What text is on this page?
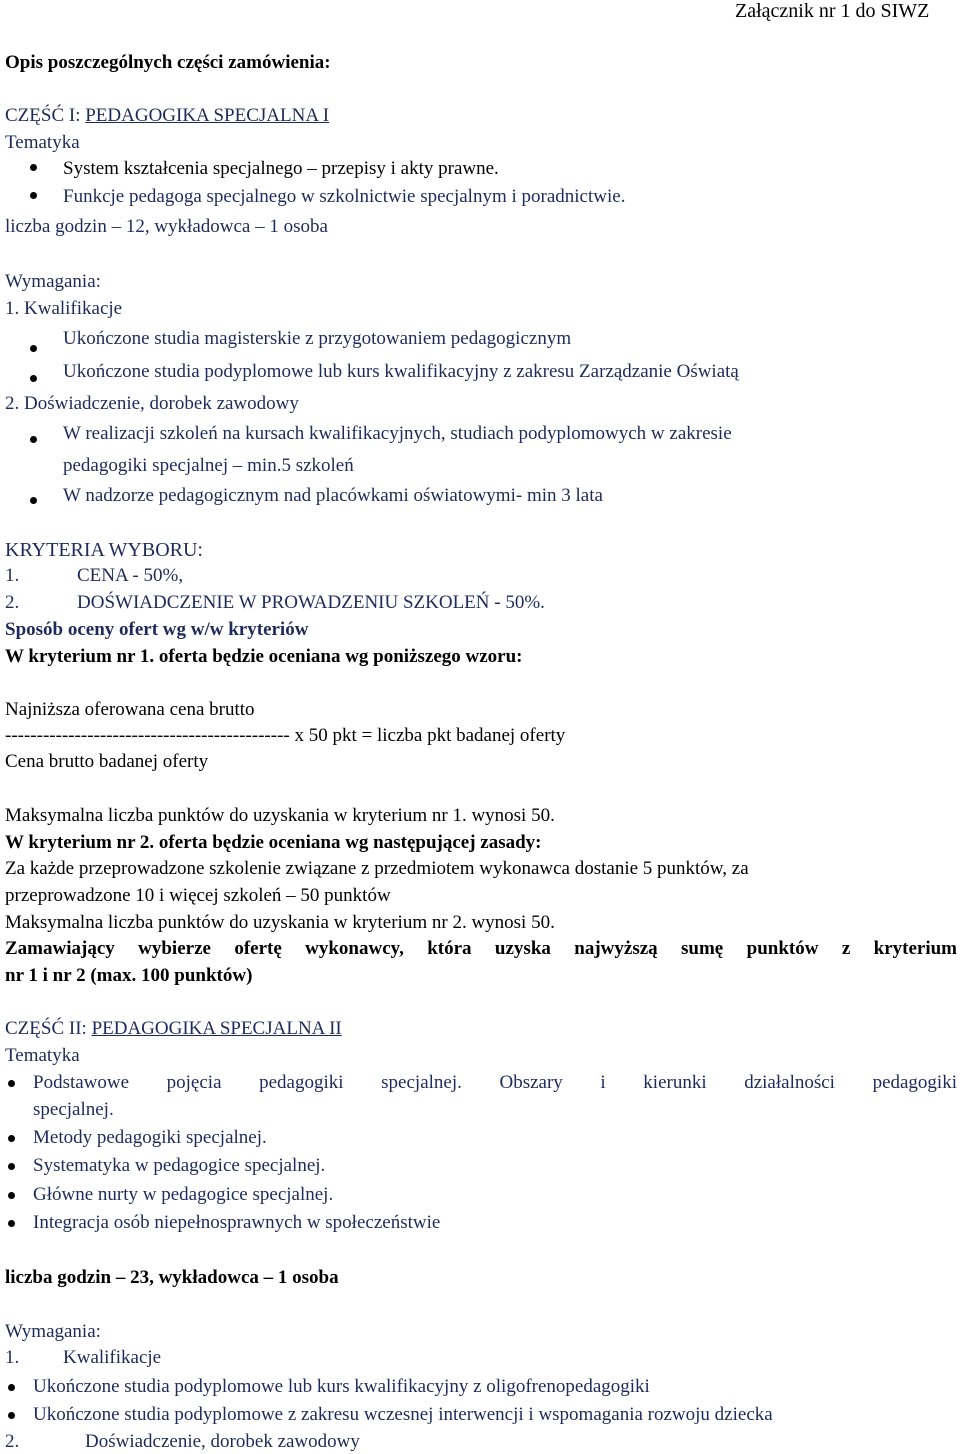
Załącznik nr 1 do SIWZ
Opis poszczególnych części zamówienia:
CZĘŚĆ I: PEDAGOGIKA SPECJALNA I
Tematyka
System kształcenia specjalnego – przepisy i akty prawne.
Funkcje pedagoga specjalnego w szkolnictwie specjalnym i poradnictwie.
liczba godzin – 12, wykładowca – 1 osoba
Wymagania:
1. Kwalifikacje
Ukończone studia magisterskie z przygotowaniem pedagogicznym
Ukończone studia podyplomowe lub kurs kwalifikacyjny z zakresu Zarządzanie Oświatą
2. Doświadczenie, dorobek zawodowy
W realizacji szkoleń na kursach kwalifikacyjnych, studiach podyplomowych w zakresie
pedagogiki specjalnej – min.5 szkoleń
W nadzorze pedagogicznym nad placówkami oświatowymi- min 3 lata
KRYTERIA WYBORU:
1.	CENA - 50%,
2.	DOŚWIADCZENIE W PROWADZENIU SZKOLEŃ - 50%.
Sposób oceny ofert wg w/w kryteriów
W kryterium nr 1. oferta będzie oceniana wg poniższego wzoru:
Najniższa oferowana cena brutto
--------------------------------------------- x 50 pkt = liczba pkt badanej oferty
Cena brutto badanej oferty
Maksymalna liczba punktów do uzyskania w kryterium nr 1. wynosi 50.
W kryterium nr 2. oferta będzie oceniana wg następującej zasady:
Za każde przeprowadzone szkolenie związane z przedmiotem wykonawca dostanie 5 punktów, za
przeprowadzone 10 i więcej szkoleń – 50 punktów
Maksymalna liczba punktów do uzyskania w kryterium nr 2. wynosi 50.
Zamawiający wybierze ofertę wykonawcy, która uzyska najwyższą sumę punktów z kryterium
nr 1 i nr 2 (max. 100 punktów)
CZĘŚĆ II: PEDAGOGIKA SPECJALNA II
Tematyka
Podstawowe pojęcia pedagogiki specjalnej. Obszary i kierunki działalności pedagogiki
specjalnej.
Metody pedagogiki specjalnej.
Systematyka w pedagogice specjalnej.
Główne nurty w pedagogice specjalnej.
Integracja osób niepełnosprawnych w społeczeństwie
liczba godzin – 23, wykładowca – 1 osoba
Wymagania:
1. Kwalifikacje
Ukończone studia podyplomowe lub kurs kwalifikacyjny z oligofrenopedagogiki
Ukończone studia podyplomowe z zakresu wczesnej interwencji i wspomagania rozwoju dziecka
2.	Doświadczenie, dorobek zawodowy
